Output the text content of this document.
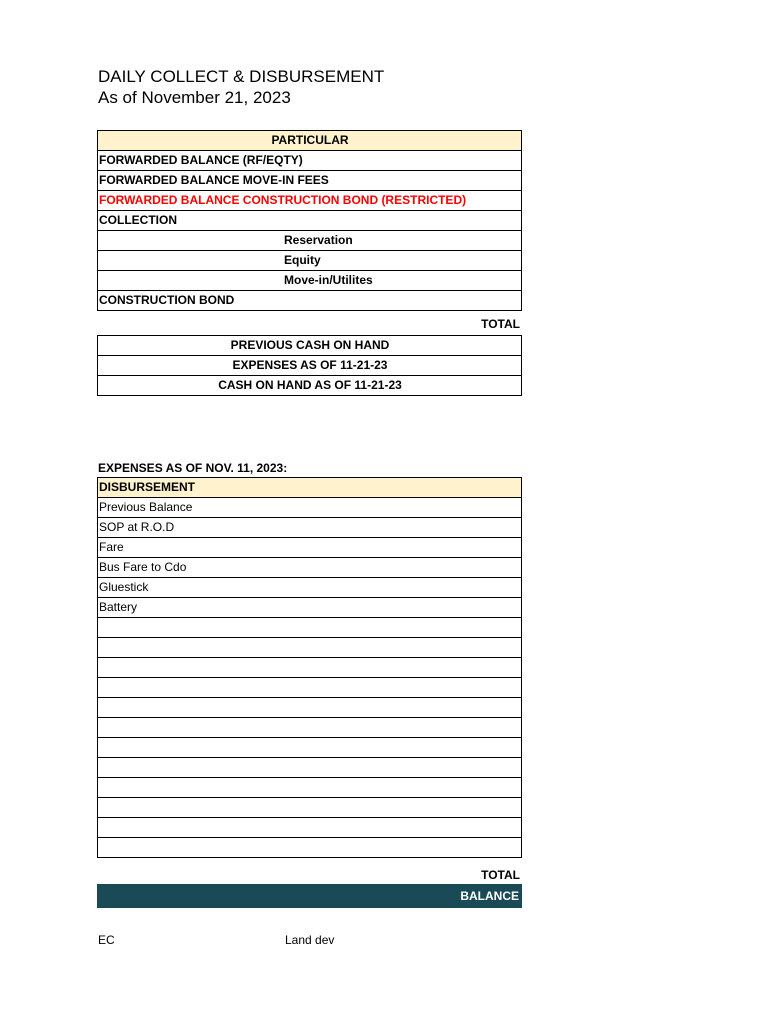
DAILY COLLECT & DISBURSEMENT
As of November 21, 2023
PARTICULAR
FORWARDED BALANCE (RF/EQTY)
FORWARDED BALANCE MOVE-IN FEES
FORWARDED BALANCE CONSTRUCTION BOND (RESTRICTED)
COLLECTION
Reservation
Equity
Move-in/Utilites
CONSTRUCTION BOND
TOTAL
PREVIOUS CASH ON HAND
EXPENSES AS OF 11-21-23
CASH ON HAND AS OF 11-21-23
EXPENSES AS OF NOV. 11, 2023:
DISBURSEMENT
Previous Balance
SOP at R.O.D
Fare
Bus Fare to Cdo
Gluestick
Battery

TOTAL
BALANCE
EC	Land dev
